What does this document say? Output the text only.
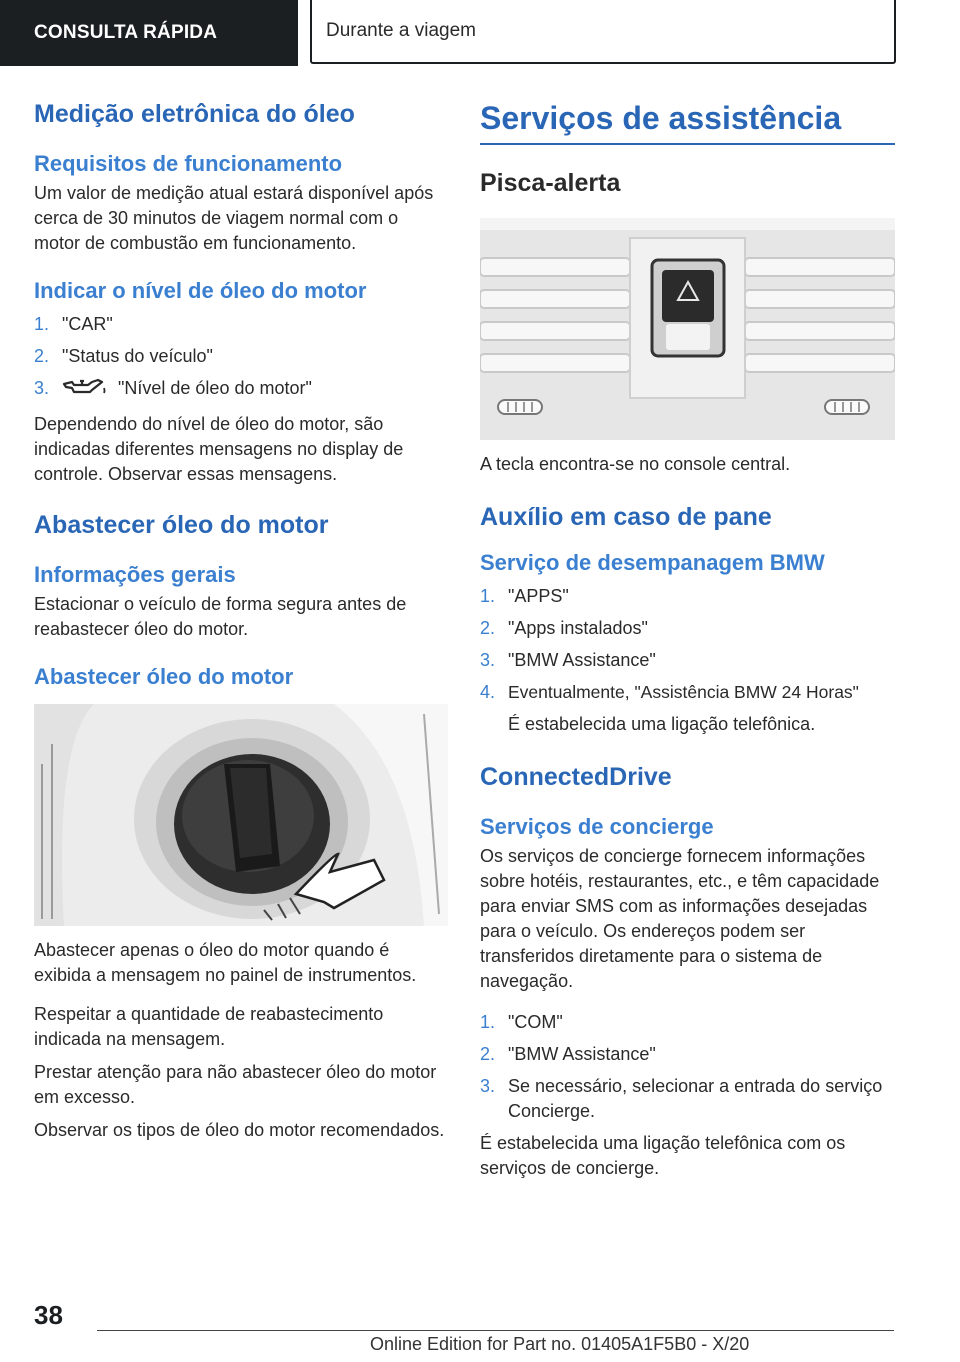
CONSULTA RÁPIDA	Durante a viagem
Medição eletrônica do óleo
Requisitos de funcionamento

Um valor de medição atual estará disponível após cerca de 30 minutos de viagem normal com o motor de combustão em funcionamento.

Indicar o nível de óleo do motor
1. "CAR"
2. "Status do veículo"
3.	"Nível de óleo do motor"

Dependendo do nível de óleo do motor, são indicadas diferentes mensagens no display de controle. Observar essas mensagens.

Abastecer óleo do motor
Informações gerais

Estacionar o veículo de forma segura antes de reabastecer óleo do motor.

Abastecer óleo do motor

Abastecer apenas o óleo do motor quando é exibida a mensagem no painel de instrumentos.

Respeitar a quantidade de reabastecimento indicada na mensagem.

Prestar atenção para não abastecer óleo do motor em excesso.

Observar os tipos de óleo do motor recomendados.

Serviços de assistência
Pisca-alerta

A tecla encontra-se no console central.

Auxílio em caso de pane
Serviço de desempanagem BMW
1. "APPS"
2. "Apps instalados"
3. "BMW Assistance"
4. Eventualmente, "Assistência BMW 24 Horas"
É estabelecida uma ligação telefônica.
ConnectedDrive
Serviços de concierge

Os serviços de concierge fornecem informações sobre hotéis, restaurantes, etc., e têm capacidade para enviar SMS com as informações desejadas para o veículo. Os endereços podem ser transferidos diretamente para o sistema de navegação.

1. "COM"
2. "BMW Assistance"
3. Se necessário, selecionar a entrada do serviço Concierge.

É estabelecida uma ligação telefônica com os serviços de concierge.

38
Online Edition for Part no. 01405A1F5B0 - X/20
